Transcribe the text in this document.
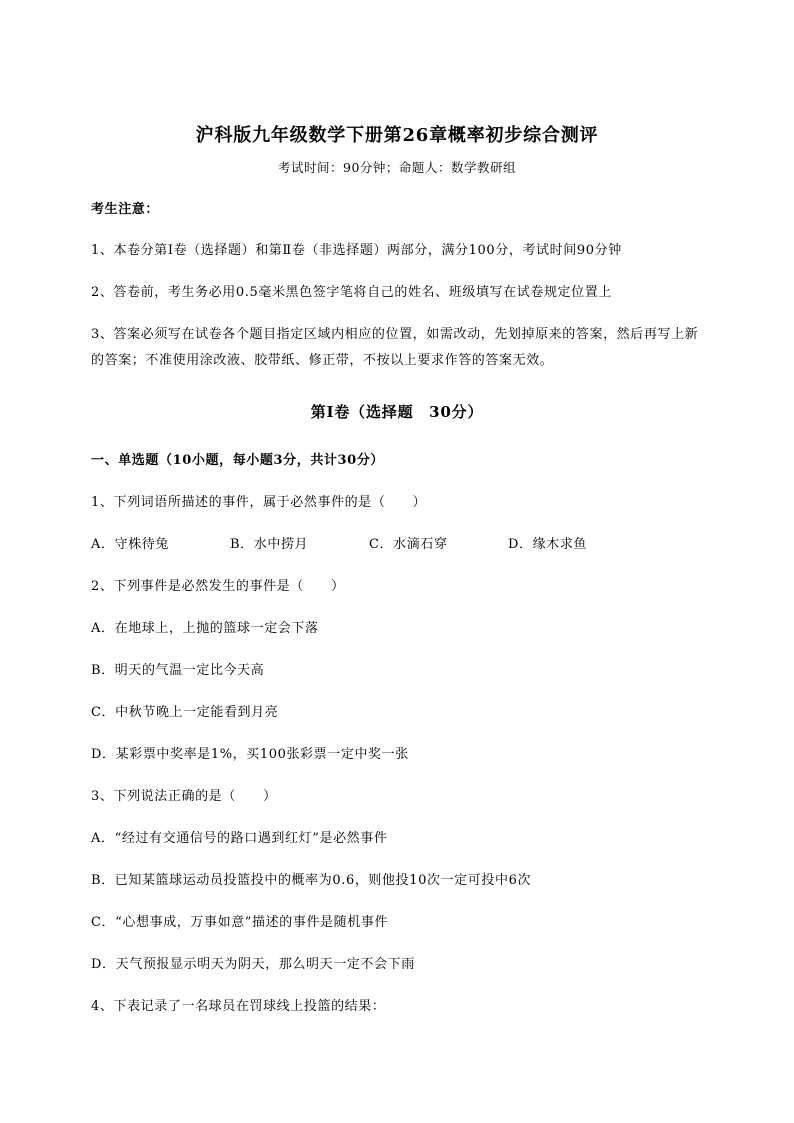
沪科版九年级数学下册第26章概率初步综合测评
考试时间：90分钟；命题人：数学教研组
考生注意：
1、本卷分第I卷（选择题）和第Ⅱ卷（非选择题）两部分，满分100分，考试时间90分钟
2、答卷前，考生务必用0.5毫米黑色签字笔将自己的姓名、班级填写在试卷规定位置上
3、答案必须写在试卷各个题目指定区域内相应的位置，如需改动，先划掉原来的答案，然后再写上新
的答案；不准使用涂改液、胶带纸、修正带，不按以上要求作答的答案无效。
第I卷（选择题　30分）
一、单选题（10小题，每小题3分，共计30分）
1、下列词语所描述的事件，属于必然事件的是（　　）
A．守株待兔	B．水中捞月	C．水滴石穿	D．缘木求鱼
2、下列事件是必然发生的事件是（　　）
A．在地球上，上抛的篮球一定会下落
B．明天的气温一定比今天高
C．中秋节晚上一定能看到月亮
D．某彩票中奖率是1%，买100张彩票一定中奖一张
3、下列说法正确的是（　　）
A．“经过有交通信号的路口遇到红灯”是必然事件
B．已知某篮球运动员投篮投中的概率为0.6，则他投10次一定可投中6次
C．“心想事成，万事如意”描述的事件是随机事件
D．天气预报显示明天为阴天，那么明天一定不会下雨
4、下表记录了一名球员在罚球线上投篮的结果：
